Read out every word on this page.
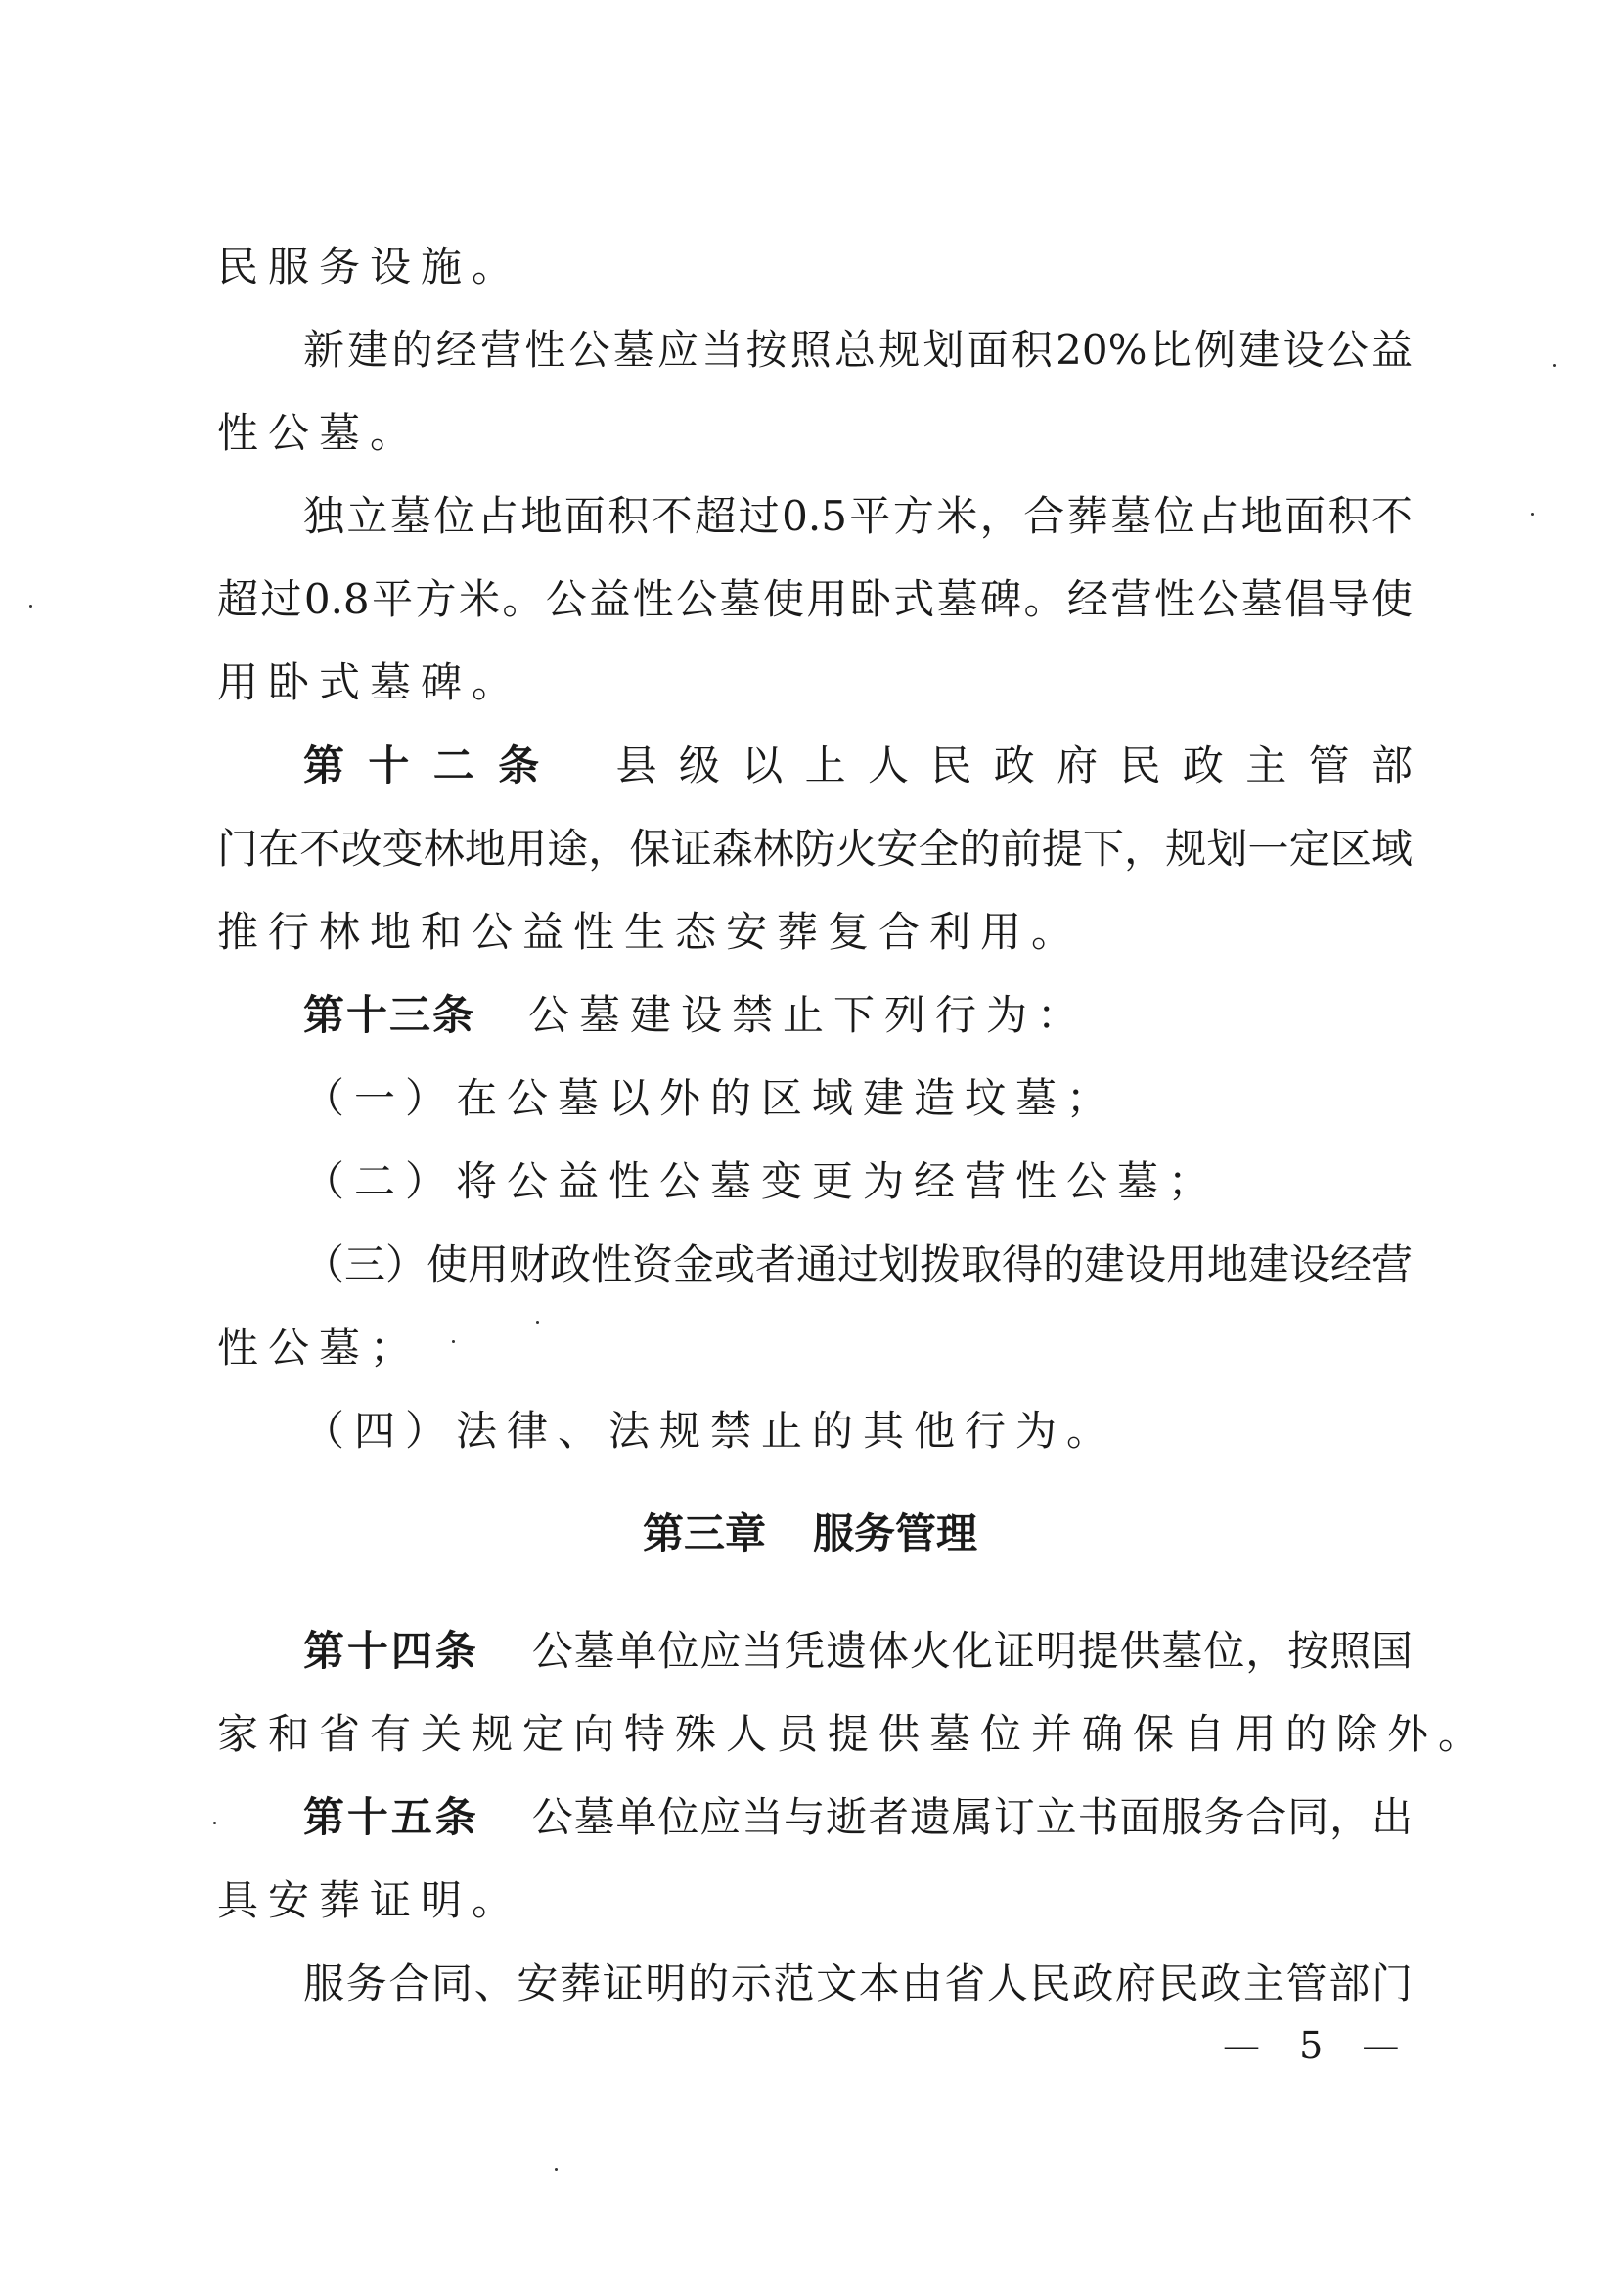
民服务设施。
新建的经营性公墓应当按照总规划面积20%比例建设公益
性公墓。
独立墓位占地面积不超过0.5平方米，合葬墓位占地面积不
超过0.8平方米。公益性公墓使用卧式墓碑。经营性公墓倡导使
用卧式墓碑。
第十二条 县级以上人民政府民政主管部
门在不改变林地用途，保证森林防火安全的前提下，规划一定区域
推行林地和公益性生态安葬复合利用。
第十三条 公墓建设禁止下列行为：
（一）在公墓以外的区域建造坟墓；
（二）将公益性公墓变更为经营性公墓；
（三）使用财政性资金或者通过划拨取得的建设用地建设经营
性公墓；
（四）法律、法规禁止的其他行为。
第三章 服务管理
第十四条 公墓单位应当凭遗体火化证明提供墓位，按照国
家和省有关规定向特殊人员提供墓位并确保自用的除外。
第十五条 公墓单位应当与逝者遗属订立书面服务合同，出
具安葬证明。
服务合同、安葬证明的示范文本由省人民政府民政主管部门
— 5 —
